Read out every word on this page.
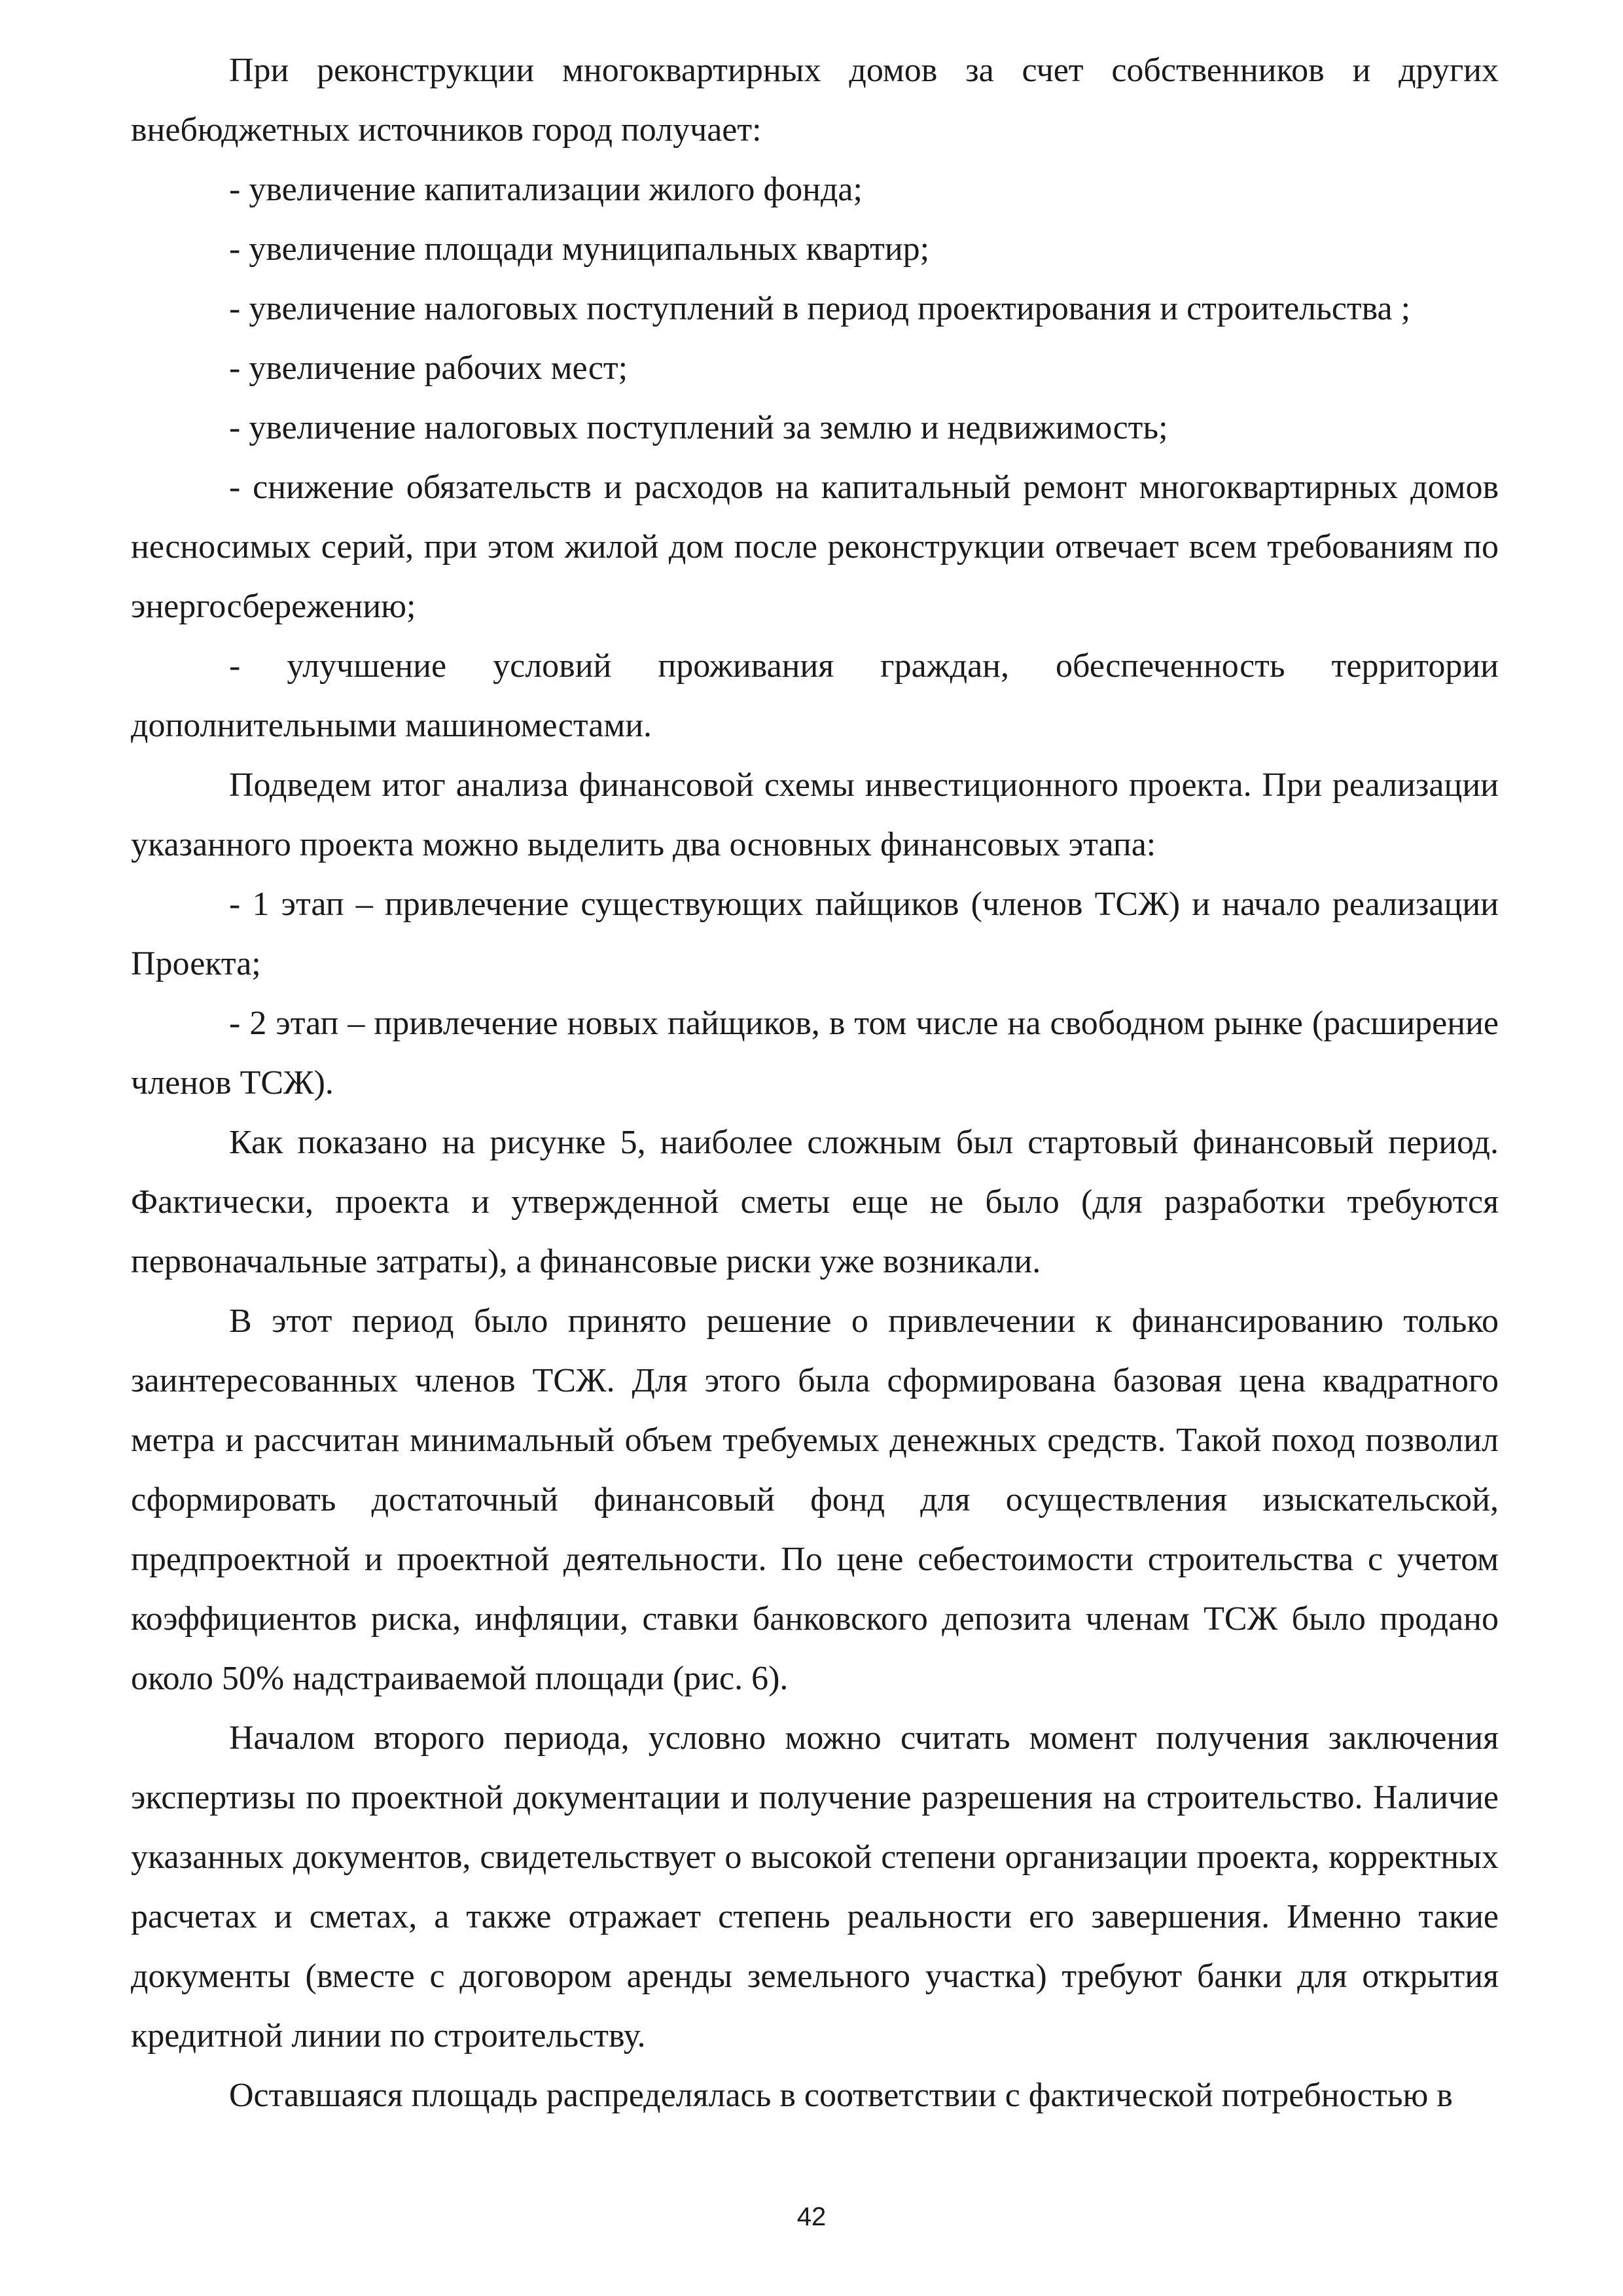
При реконструкции многоквартирных домов за счет собственников и других внебюджетных источников город получает:

- увеличение капитализации жилого фонда;

- увеличение площади муниципальных квартир;

- увеличение налоговых поступлений в период проектирования и строительства ;

- увеличение рабочих мест;

- увеличение налоговых поступлений за землю и недвижимость;

- снижение обязательств и расходов на капитальный ремонт многоквартирных домов несносимых серий, при этом жилой дом после реконструкции отвечает всем требованиям по энергосбережению;

- улучшение условий проживания граждан, обеспеченность территории дополнительными машиноместами.

Подведем итог анализа финансовой схемы инвестиционного проекта. При реализации указанного проекта можно выделить два основных финансовых этапа:

- 1 этап – привлечение существующих пайщиков (членов ТСЖ) и начало реализации Проекта;

- 2 этап – привлечение новых пайщиков, в том числе на свободном рынке (расширение членов ТСЖ).

Как показано на рисунке 5, наиболее сложным был стартовый финансовый период. Фактически, проекта и утвержденной сметы еще не было (для разработки требуются первоначальные затраты), а финансовые риски уже возникали.

В этот период было принято решение о привлечении к финансированию только заинтересованных членов ТСЖ. Для этого была сформирована базовая цена квадратного метра и рассчитан минимальный объем требуемых денежных средств. Такой поход позволил сформировать достаточный финансовый фонд для осуществления изыскательской, предпроектной и проектной деятельности. По цене себестоимости строительства с учетом коэффициентов риска, инфляции, ставки банковского депозита членам ТСЖ было продано около 50% надстраиваемой площади (рис. 6).

Началом второго периода, условно можно считать момент получения заключения экспертизы по проектной документации и получение разрешения на строительство. Наличие указанных документов, свидетельствует о высокой степени организации проекта, корректных расчетах и сметах, а также отражает степень реальности его завершения. Именно такие документы (вместе с договором аренды земельного участка) требуют банки для открытия кредитной линии по строительству.

Оставшаяся площадь распределялась в соответствии с фактической потребностью в

42
